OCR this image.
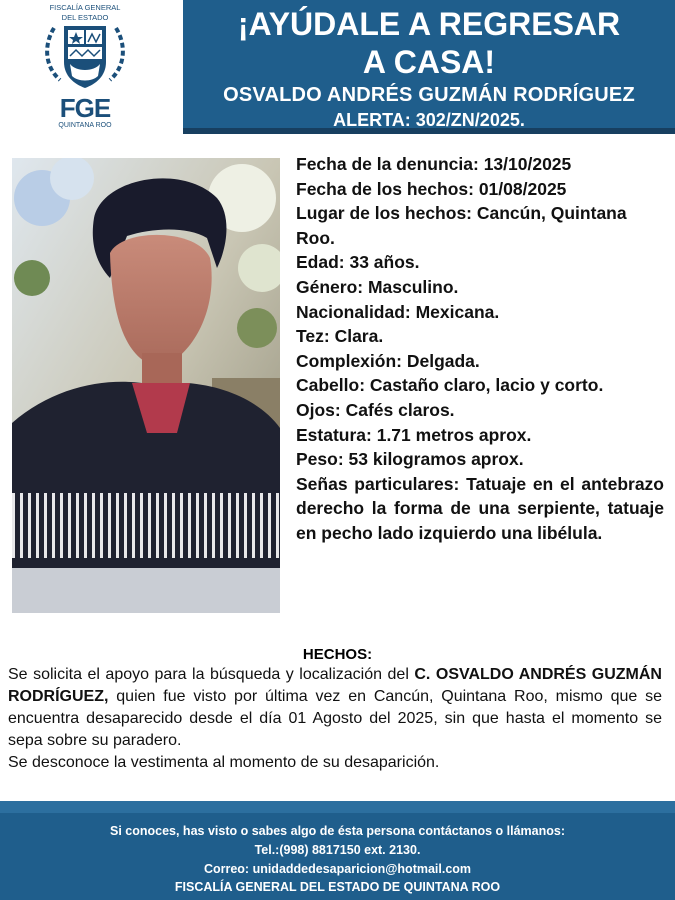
FISCALÍA GENERAL
DEL ESTADO
FGE
QUINTANA ROO
¡AYÚDALE A REGRESAR
A CASA!
OSVALDO ANDRÉS GUZMÁN RODRÍGUEZ
ALERTA: 302/ZN/2025.
Fecha de la denuncia: 13/10/2025
Fecha de los hechos: 01/08/2025
Lugar de los hechos: Cancún, Quintana Roo.
Edad: 33 años.
Género: Masculino.
Nacionalidad: Mexicana.
Tez: Clara.
Complexión: Delgada.
Cabello: Castaño claro, lacio y corto.
Ojos: Cafés claros.
Estatura: 1.71 metros aprox.
Peso: 53 kilogramos aprox.
Señas particulares: Tatuaje en el antebrazo derecho la forma de una serpiente, tatuaje en pecho lado izquierdo una libélula.
HECHOS:

Se solicita el apoyo para la búsqueda y localización del C. OSVALDO ANDRÉS GUZMÁN RODRÍGUEZ, quien fue visto por última vez en Cancún, Quintana Roo, mismo que se encuentra desaparecido desde el día 01 Agosto del 2025, sin que hasta el momento se sepa sobre su paradero.

Se desconoce la vestimenta al momento de su desaparición.

Si conoces, has visto o sabes algo de ésta persona contáctanos o llámanos:
Tel.:(998) 8817150 ext. 2130.
Correo: unidaddedesaparicion@hotmail.com
FISCALÍA GENERAL DEL ESTADO DE QUINTANA ROO
